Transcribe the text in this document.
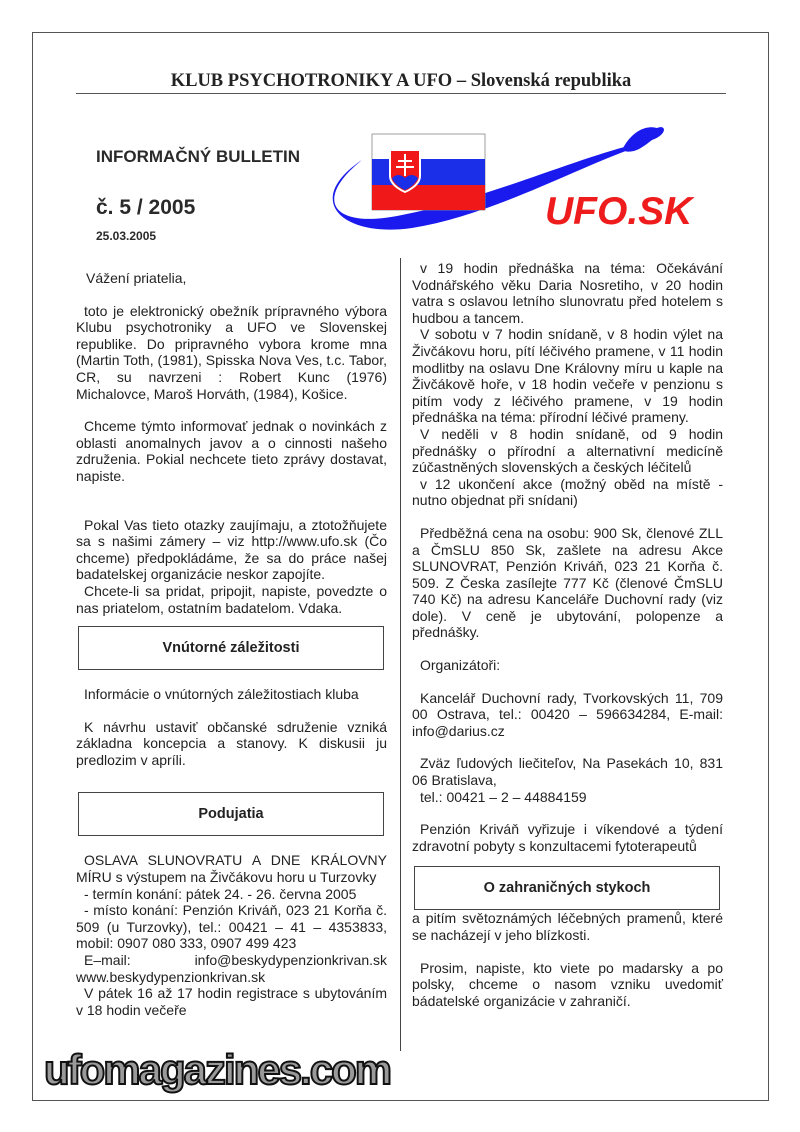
KLUB PSYCHOTRONIKY A UFO – Slovenská republika
INFORMAČNÝ BULLETIN
č. 5 / 2005
25.03.2005
UFO.SK

Vážení priatelia,

toto je elektronický obežník prípravného výbora Klubu psychotroniky a UFO ve Slovenskej republike. Do pripravného vybora krome mna (Martin Toth, (1981), Spisska Nova Ves, t.c. Tabor, CR, su navrzeni : Robert Kunc (1976) Michalovce, Maroš Horváth, (1984), Košice.

Chceme týmto informovať jednak o novinkách z oblasti anomalnych javov a o cinnosti našeho združenia. Pokial nechcete tieto zprávy dostavat, napiste.

Pokal Vas tieto otazky zaujímaju, a ztotožňujete sa s našimi zámery – viz http://www.ufo.sk (Čo chceme) předpokládáme, že sa do práce našej badatelskej organizácie neskor zapojíte.

Chcete-li sa pridat, pripojit, napiste, povedzte o nas priatelom, ostatním badatelom. Vdaka.

Vnútorné záležitosti

Informácie o vnútorných záležitostiach kluba

K návrhu ustaviť občanské sdruženie vzniká základna koncepcia a stanovy. K diskusii ju predlozim v apríli.

Podujatia

OSLAVA SLUNOVRATU A DNE KRÁLOVNY MÍRU s výstupem na Živčákovu horu u Turzovky

- termín konání: pátek 24. - 26. června 2005

- místo konání: Penzión Kriváň, 023 21 Korňa č. 509 (u Turzovky), tel.: 00421 – 41 – 4353833, mobil: 0907 080 333, 0907 499 423

E–mail: info@beskydypenzionkrivan.sk www.beskydypenzionkrivan.sk

V pátek 16 až 17 hodin registrace s ubytováním v 18 hodin večeře

v 19 hodin přednáška na téma: Očekávání Vodnářského věku Daria Nosretiho, v 20 hodin vatra s oslavou letního slunovratu před hotelem s hudbou a tancem.

V sobotu v 7 hodin snídaně, v 8 hodin výlet na Živčákovu horu, pítí léčivého pramene, v 11 hodin modlitby na oslavu Dne Královny míru u kaple na Živčákově hoře, v 18 hodin večeře v penzionu s pitím vody z léčivého pramene, v 19 hodin přednáška na téma: přírodní léčivé prameny.

V neděli v 8 hodin snídaně, od 9 hodin přednášky o přírodní a alternativní medicíně zúčastněných slovenských a českých léčitelů

v 12 ukončení akce (možný oběd na místě - nutno objednat při snídani)

Předběžná cena na osobu: 900 Sk, členové ZLL a ČmSLU 850 Sk, zašlete na adresu Akce SLUNOVRAT, Penzión Kriváň, 023 21 Korňa č. 509. Z Česka zasílejte 777 Kč (členové ČmSLU 740 Kč) na adresu Kanceláře Duchovní rady (viz dole). V ceně je ubytování, polopenze a přednášky.

Organizátoři:

Kancelář Duchovní rady, Tvorkovských 11, 709 00 Ostrava, tel.: 00420 – 596634284, E-mail: info@darius.cz

Zväz ľudových liečiteľov, Na Pasekách 10, 831 06 Bratislava,

tel.: 00421 – 2 – 44884159

Penzión Kriváň vyřizuje i víkendové a týdení zdravotní pobyty s konzultacemi fytoterapeutů

O zahraničných stykoch

a pitím světoznámých léčebných pramenů, které se nacházejí v jeho blízkosti.

Prosim, napiste, kto viete po madarsky a po polsky, chceme o nasom vzniku uvedomiť bádatelské organizácie v zahraničí.

ufomagazines.com
